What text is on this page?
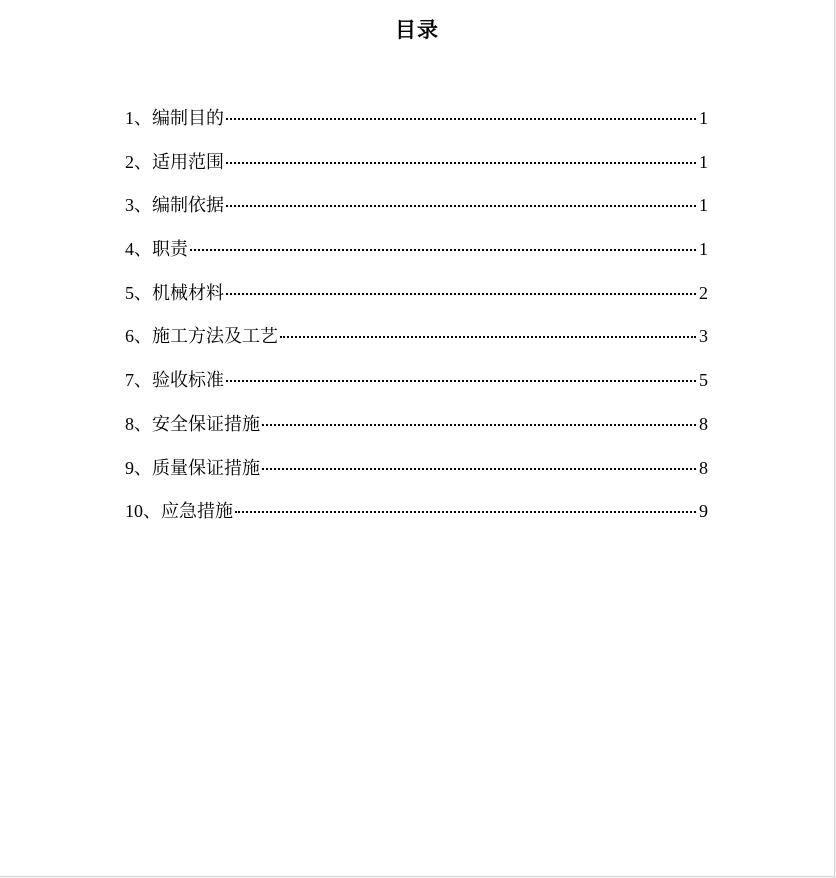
目录
1、编制目的	1
2、适用范围	1
3、编制依据	1
4、职责	1
5、机械材料	2
6、施工方法及工艺	3
7、验收标准	5
8、安全保证措施	8
9、质量保证措施	8
10、应急措施	9
